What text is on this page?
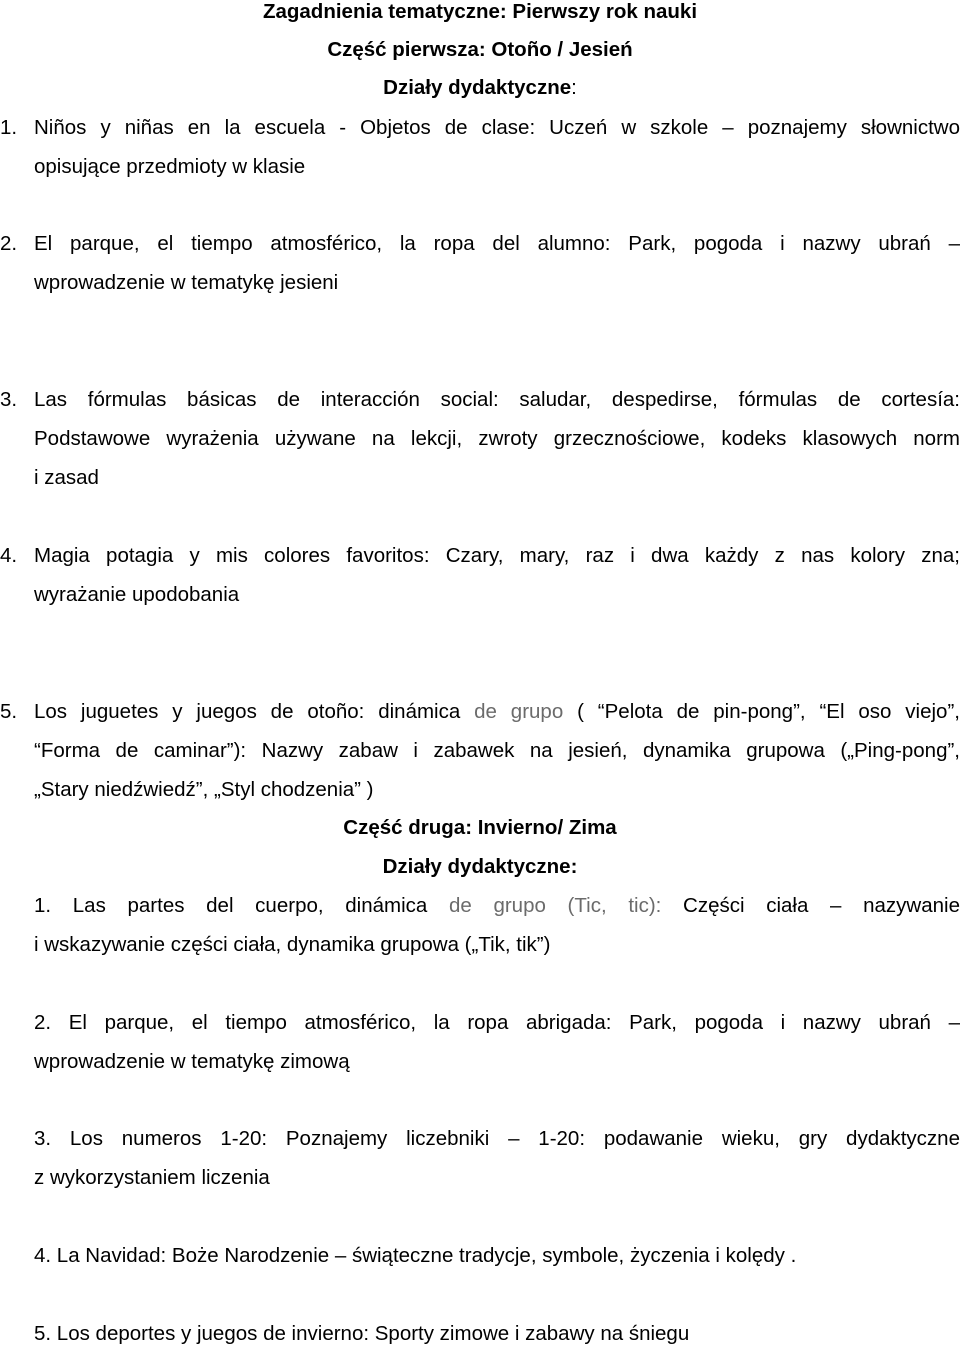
Zagadnienia tematyczne: Pierwszy rok nauki
Część pierwsza: Otoño / Jesień
Działy dydaktyczne:
1. Niños y niñas en la escuela - Objetos de clase: Uczeń w szkole – poznajemy słownictwo
opisujące przedmioty w klasie
2. El parque, el tiempo atmosférico, la ropa del alumno: Park, pogoda i nazwy ubrań –
wprowadzenie w tematykę jesieni
3. Las fórmulas básicas de interacción social: saludar, despedirse, fórmulas de cortesía:
Podstawowe wyrażenia używane na lekcji, zwroty grzecznościowe, kodeks klasowych norm
i zasad
4. Magia potagia y mis colores favoritos: Czary, mary, raz i dwa każdy z nas kolory zna;
wyrażanie upodobania
5. Los juguetes y juegos de otoño: dinámica de grupo ( “Pelota de pin-pong”, “El oso viejo”,
“Forma de caminar”): Nazwy zabaw i zabawek na jesień, dynamika grupowa („Ping-pong”,
„Stary niedźwiedź”, „Styl chodzenia” )
Część druga: Invierno/ Zima
Działy dydaktyczne:
1. Las partes del cuerpo, dinámica de grupo (Tic, tic): Części ciała – nazywanie
i wskazywanie części ciała, dynamika grupowa („Tik, tik”)
2. El parque, el tiempo atmosférico, la ropa abrigada: Park, pogoda i nazwy ubrań –
wprowadzenie w tematykę zimową
3. Los numeros 1-20: Poznajemy liczebniki – 1-20: podawanie wieku, gry dydaktyczne
z wykorzystaniem liczenia
4. La Navidad: Boże Narodzenie – świąteczne tradycje, symbole, życzenia i kolędy .
5. Los deportes y juegos de invierno: Sporty zimowe i zabawy na śniegu
